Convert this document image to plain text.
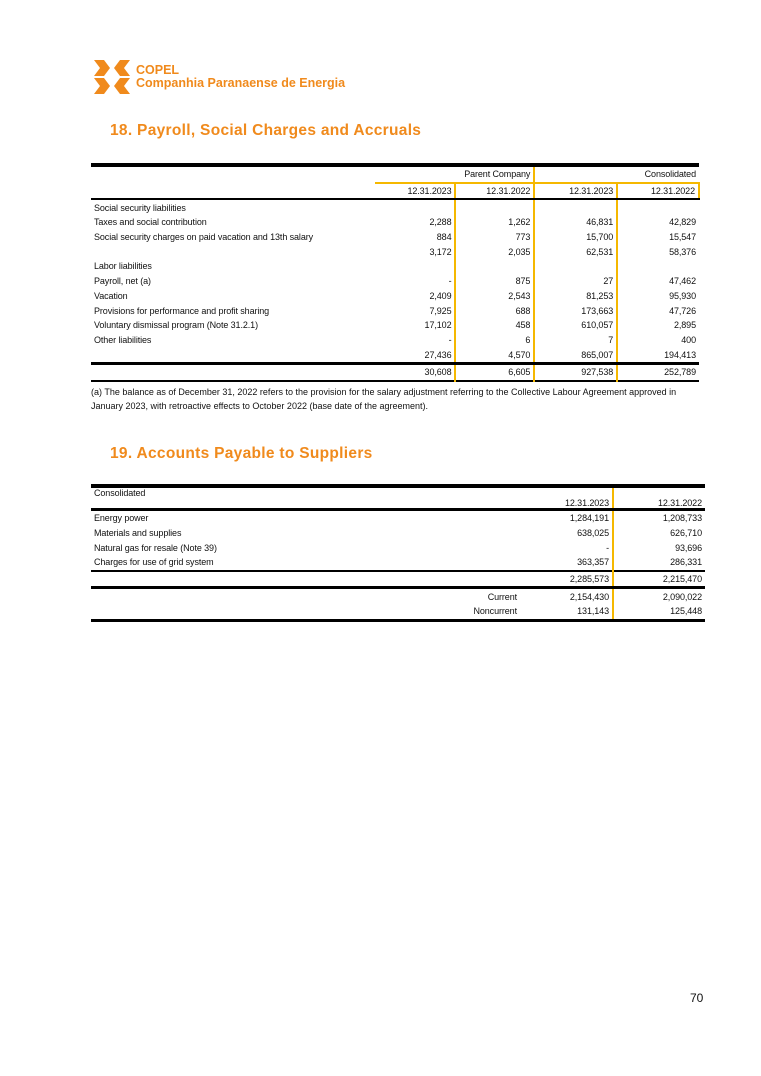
COPEL
Companhia Paranaense de Energia
18. Payroll, Social Charges and Accruals
	Parent Company		Consolidated	
	12.31.2023	12.31.2022	12.31.2023	12.31.2022
Social security liabilities				
Taxes and social contribution	2,288	1,262	46,831	42,829
Social security charges on paid vacation and 13th salary	884	773	15,700	15,547
	3,172	2,035	62,531	58,376
Labor liabilities				
Payroll, net (a)	-	875	27	47,462
Vacation	2,409	2,543	81,253	95,930
Provisions for performance and profit sharing	7,925	688	173,663	47,726
Voluntary dismissal program (Note 31.2.1)	17,102	458	610,057	2,895
Other liabilities	-	6	7	400
	27,436	4,570	865,007	194,413
	30,608	6,605	927,538	252,789
(a) The balance as of December 31, 2022 refers to the provision for the salary adjustment referring to the Collective Labour Agreement approved in January 2023, with retroactive effects to October 2022 (base date of the agreement).
19. Accounts Payable to Suppliers
Consolidated	12.31.2023	12.31.2022
Energy power	1,284,191	1,208,733
Materials and supplies	638,025	626,710
Natural gas for resale (Note 39)	-	93,696
Charges for use of grid system	363,357	286,331
	2,285,573	2,215,470
Current	2,154,430	2,090,022
Noncurrent	131,143	125,448
70
